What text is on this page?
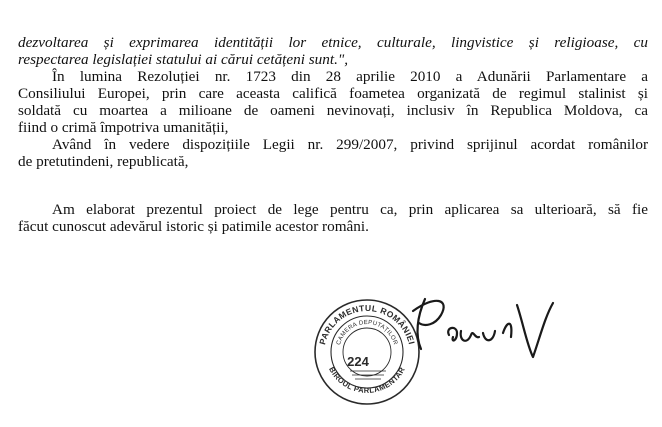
dezvoltarea și exprimarea identității lor etnice, culturale, lingvistice și religioase, cu
respectarea legislației statului ai cărui cetățeni sunt.",
În lumina Rezoluției nr. 1723 din 28 aprilie 2010 a Adunării Parlamentare a
Consiliului Europei, prin care aceasta califică foametea organizată de regimul stalinist și
soldată cu moartea a milioane de oameni nevinovați, inclusiv în Republica Moldova, ca
fiind o crimă împotriva umanității,
Având în vedere dispozițiile Legii nr. 299/2007, privind sprijinul acordat românilor
de pretutindeni, republicată,
Am elaborat prezentul proiect de lege pentru ca, prin aplicarea sa ulterioară, să fie
făcut cunoscut adevărul istoric și patimile acestor români.
PARLAMENTUL ROMÂNIEI
CAMERA DEPUTAȚILOR
BIROUL PARLAMENTAR
224
